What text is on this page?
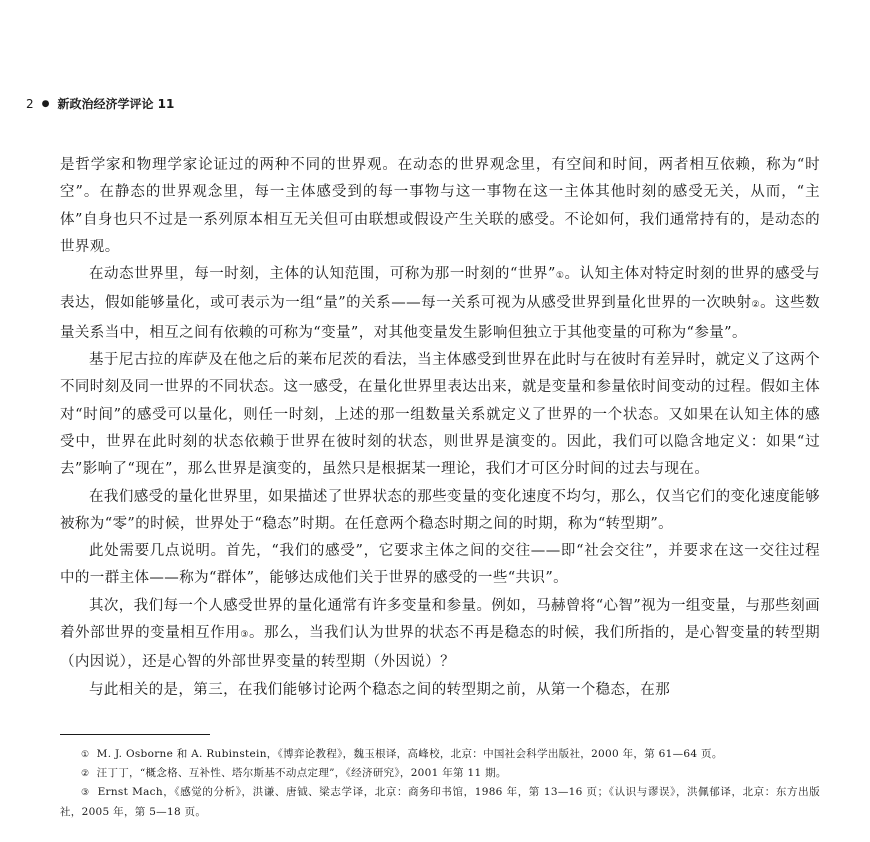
2 ● 新政治经济学评论 11

是哲学家和物理学家论证过的两种不同的世界观。在动态的世界观念里，有空间和时间，两者相互依赖，称为“时空”。在静态的世界观念里，每一主体感受到的每一事物与这一事物在这一主体其他时刻的感受无关，从而，“主体”自身也只不过是一系列原本相互无关但可由联想或假设产生关联的感受。不论如何，我们通常持有的，是动态的世界观。

在动态世界里，每一时刻，主体的认知范围，可称为那一时刻的“世界”①。认知主体对特定时刻的世界的感受与表达，假如能够量化，或可表示为一组“量”的关系——每一关系可视为从感受世界到量化世界的一次映射②。这些数量关系当中，相互之间有依赖的可称为“变量”，对其他变量发生影响但独立于其他变量的可称为“参量”。

基于尼古拉的库萨及在他之后的莱布尼茨的看法，当主体感受到世界在此时与在彼时有差异时，就定义了这两个不同时刻及同一世界的不同状态。这一感受，在量化世界里表达出来，就是变量和参量依时间变动的过程。假如主体对“时间”的感受可以量化，则任一时刻，上述的那一组数量关系就定义了世界的一个状态。又如果在认知主体的感受中，世界在此时刻的状态依赖于世界在彼时刻的状态，则世界是演变的。因此，我们可以隐含地定义：如果“过去”影响了“现在”，那么世界是演变的，虽然只是根据某一理论，我们才可区分时间的过去与现在。

在我们感受的量化世界里，如果描述了世界状态的那些变量的变化速度不均匀，那么，仅当它们的变化速度能够被称为“零”的时候，世界处于“稳态”时期。在任意两个稳态时期之间的时期，称为“转型期”。

此处需要几点说明。首先，“我们的感受”，它要求主体之间的交往——即“社会交往”，并要求在这一交往过程中的一群主体——称为“群体”，能够达成他们关于世界的感受的一些“共识”。

其次，我们每一个人感受世界的量化通常有许多变量和参量。例如，马赫曾将“心智”视为一组变量，与那些刻画着外部世界的变量相互作用③。那么，当我们认为世界的状态不再是稳态的时候，我们所指的，是心智变量的转型期（内因说），还是心智的外部世界变量的转型期（外因说）？

与此相关的是，第三，在我们能够讨论两个稳态之间的转型期之前，从第一个稳态，在那

① M. J. Osborne 和 A. Rubinstein，《博弈论教程》，魏玉根译，高峰校，北京：中国社会科学出版社，2000 年，第 61—64 页。

② 汪丁丁，“概念格、互补性、塔尔斯基不动点定理”，《经济研究》，2001 年第 11 期。

③ Ernst Mach，《感觉的分析》，洪谦、唐钺、梁志学译，北京：商务印书馆，1986 年，第 13—16 页；《认识与谬误》，洪佩郁译，北京：东方出版社，2005 年，第 5—18 页。
